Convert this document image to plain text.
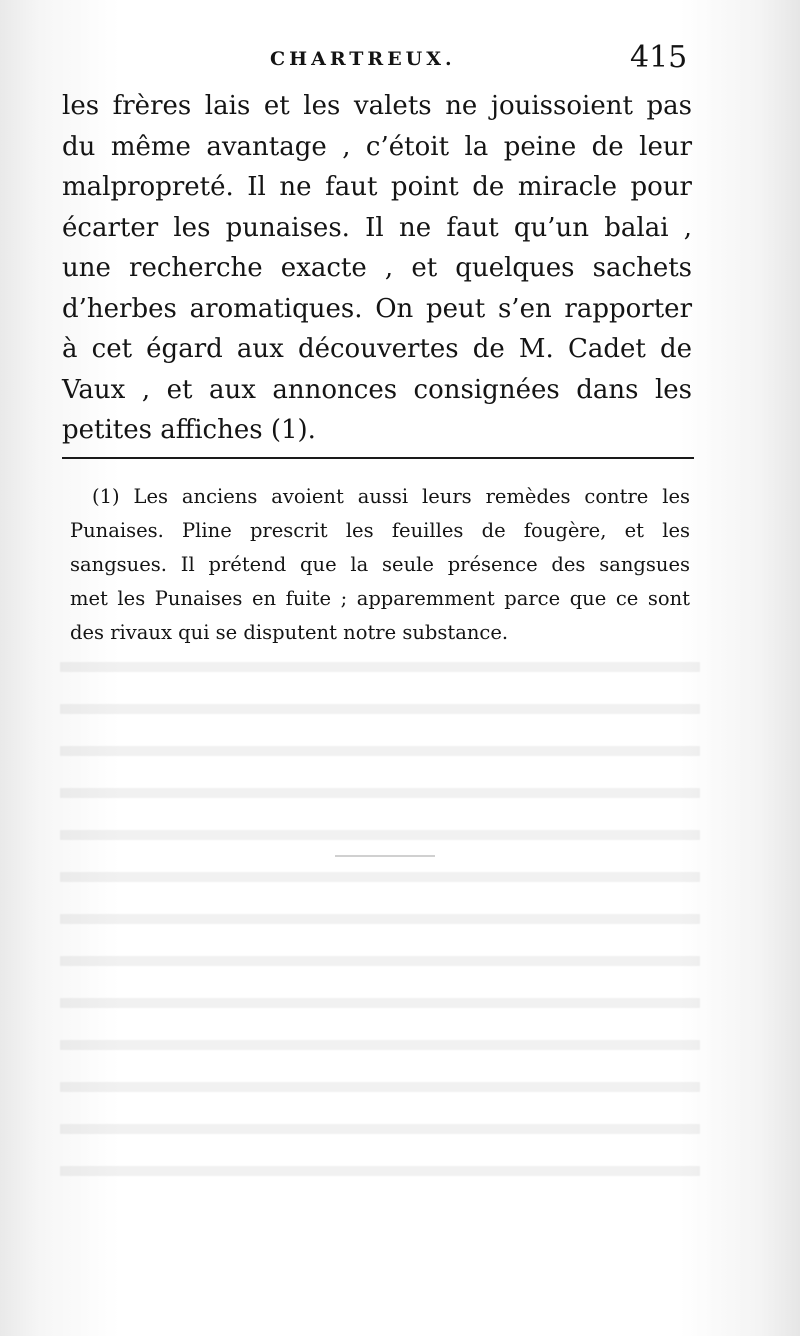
CHARTREUX.	415
les frères lais et les valets ne jouissoient pas
du même avantage , c’étoit la peine de leur
malpropreté. Il ne faut point de miracle pour
écarter les punaises. Il ne faut qu’un balai ,
une recherche exacte , et quelques sachets
d’herbes aromatiques. On peut s’en rapporter
à cet égard aux découvertes de M. Cadet de
Vaux , et aux annonces consignées dans les
petites affiches (1).
(1) Les anciens avoient aussi leurs remèdes contre les
Punaises. Pline prescrit les feuilles de fougère, et les
sangsues. Il prétend que la seule présence des sangsues
met les Punaises en fuite ; apparemment parce que ce sont
des rivaux qui se disputent notre substance.
